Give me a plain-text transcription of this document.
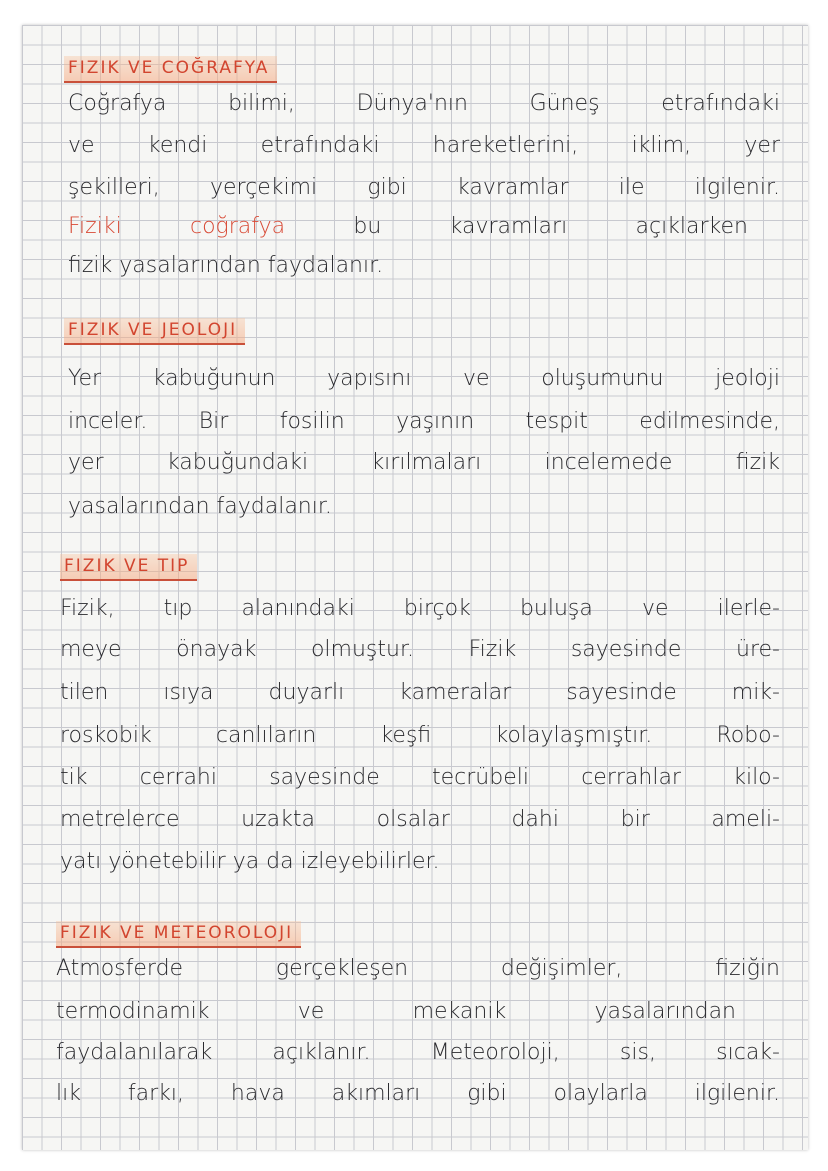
FIZIK VE COĞRAFYA
Coğrafya bilimi, Dünya'nın Güneş etrafındaki
ve kendi etrafındaki hareketlerini, iklim, yer
şekilleri, yerçekimi gibi kavramlar ile ilgilenir.
Fiziki coğrafya bu kavramları açıklarken
fizik yasalarından faydalanır.
FIZIK VE JEOLOJI
Yer kabuğunun yapısını ve oluşumunu jeoloji
inceler. Bir fosilin yaşının tespit edilmesinde,
yer kabuğundaki kırılmaları incelemede fizik
yasalarından faydalanır.
FIZIK VE TIP
Fizik, tıp alanındaki birçok buluşa ve ilerle-
meye önayak olmuştur. Fizik sayesinde üre-
tilen ısıya duyarlı kameralar sayesinde mik-
roskobik canlıların keşfi kolaylaşmıştır. Robo-
tik cerrahi sayesinde tecrübeli cerrahlar kilo-
metrelerce uzakta olsalar dahi bir ameli-
yatı yönetebilir ya da izleyebilirler.
FIZIK VE METEOROLOJI
Atmosferde gerçekleşen değişimler, fiziğin
termodinamik ve mekanik yasalarından
faydalanılarak açıklanır. Meteoroloji, sis, sıcak-
lık farkı, hava akımları gibi olaylarla ilgilenir.
